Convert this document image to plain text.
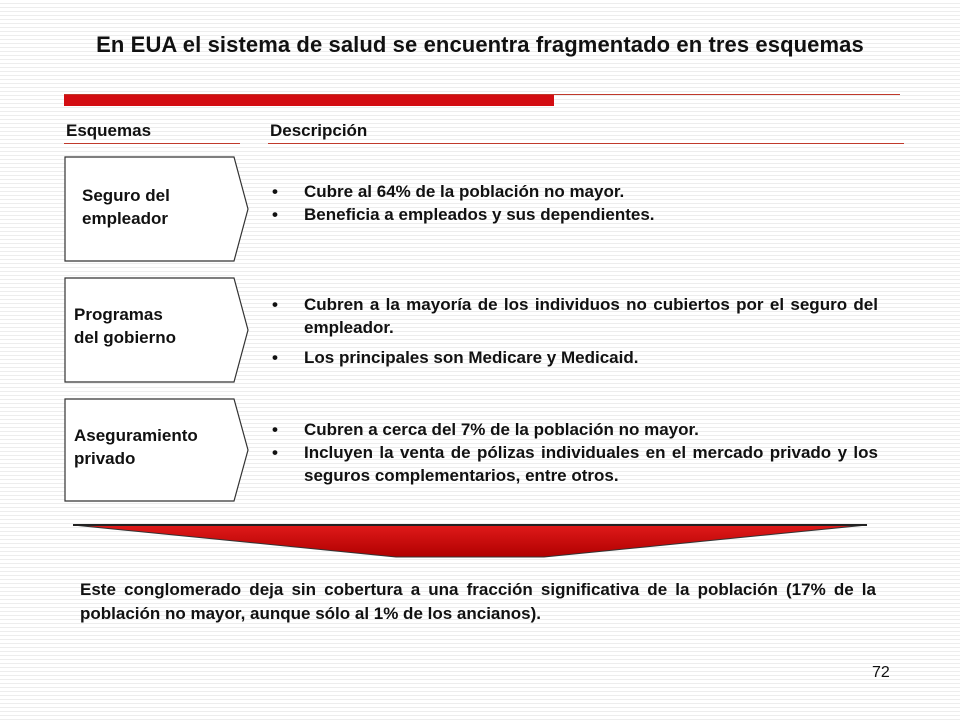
En EUA el sistema de salud se encuentra fragmentado en tres esquemas
Esquemas	Descripción
Seguro del
empleador
• Cubre al 64% de la población no mayor.
• Beneficia a empleados y sus dependientes.
Programas
del gobierno
• Cubren a la mayoría de los individuos no cubiertos por el seguro del empleador.
• Los principales son Medicare y Medicaid.
Aseguramiento
privado
• Cubren a cerca del 7% de la población no mayor.
• Incluyen la venta de pólizas individuales en el mercado privado y los seguros complementarios, entre otros.
Este conglomerado deja sin cobertura a una fracción significativa de la población (17% de la población no mayor, aunque sólo al 1% de los ancianos).
72
